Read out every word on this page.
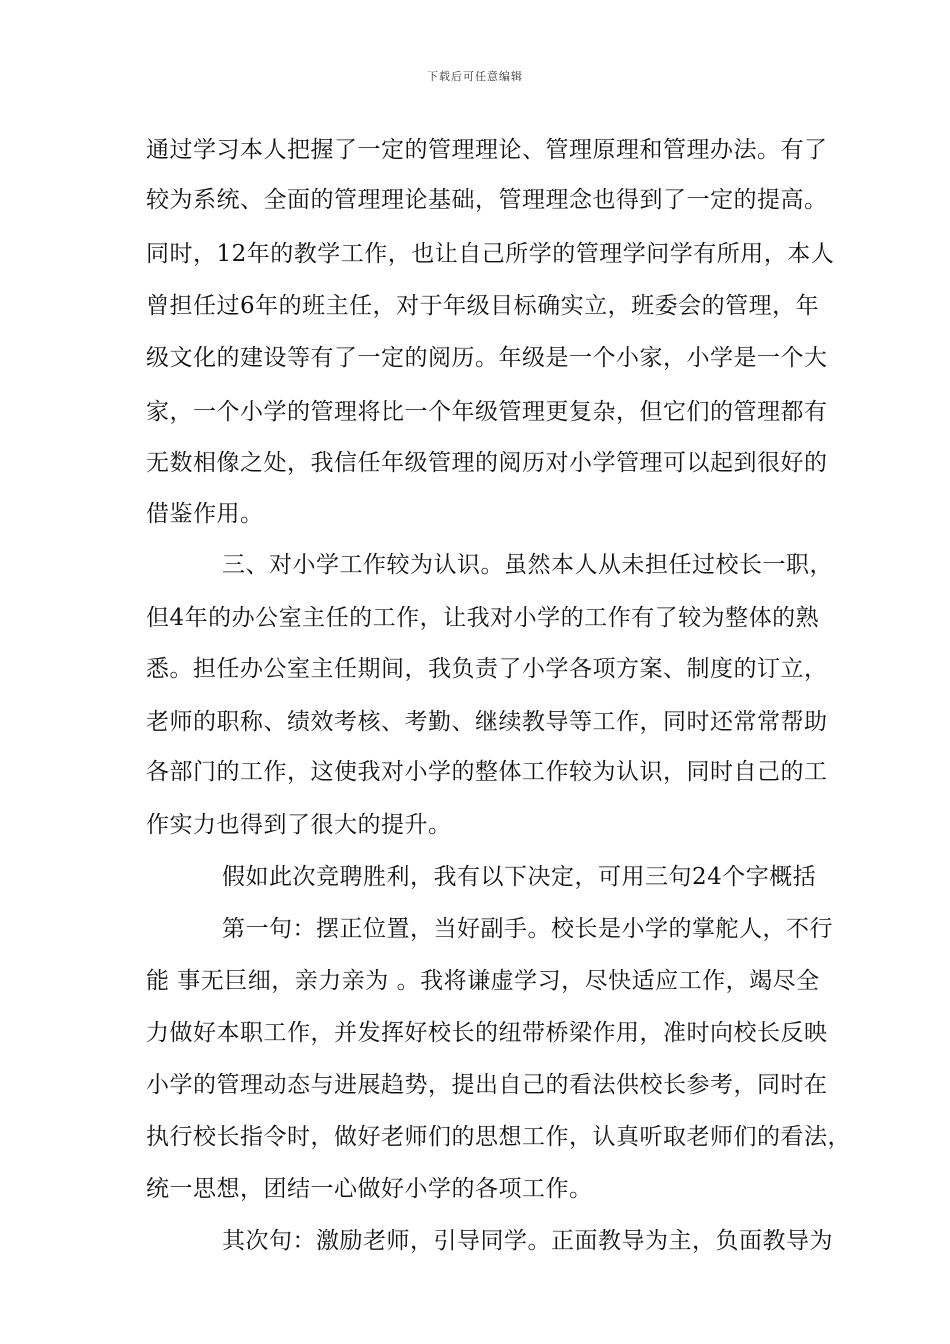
下载后可任意编辑
通过学习本人把握了一定的管理理论、管理原理和管理办法。有了
较为系统、全面的管理理论基础，管理理念也得到了一定的提高。
同时，12年的教学工作，也让自己所学的管理学问学有所用，本人
曾担任过6年的班主任，对于年级目标确实立，班委会的管理，年
级文化的建设等有了一定的阅历。年级是一个小家，小学是一个大
家，一个小学的管理将比一个年级管理更复杂，但它们的管理都有
无数相像之处，我信任年级管理的阅历对小学管理可以起到很好的
借鉴作用。
三、对小学工作较为认识。虽然本人从未担任过校长一职，
但4年的办公室主任的工作，让我对小学的工作有了较为整体的熟
悉。担任办公室主任期间，我负责了小学各项方案、制度的订立，
老师的职称、绩效考核、考勤、继续教导等工作，同时还常常帮助
各部门的工作，这使我对小学的整体工作较为认识，同时自己的工
作实力也得到了很大的提升。
假如此次竞聘胜利，我有以下决定，可用三句24个字概括
第一句：摆正位置，当好副手。校长是小学的掌舵人，不行
能 事无巨细，亲力亲为 。我将谦虚学习，尽快适应工作，竭尽全
力做好本职工作，并发挥好校长的纽带桥梁作用，准时向校长反映
小学的管理动态与进展趋势，提出自己的看法供校长参考，同时在
执行校长指令时，做好老师们的思想工作，认真听取老师们的看法，
统一思想，团结一心做好小学的各项工作。
其次句：激励老师，引导同学。正面教导为主，负面教导为
